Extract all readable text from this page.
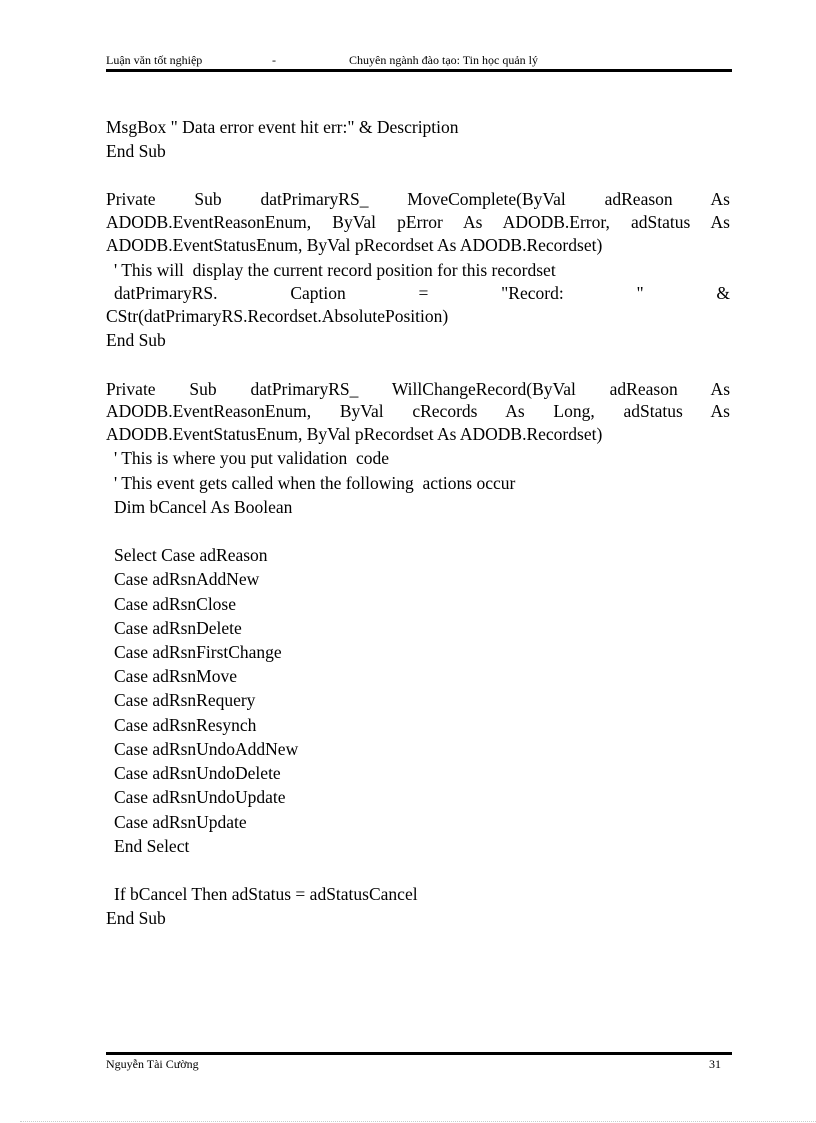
Luận văn tốt nghiệp	-	Chuyên ngành đào tạo: Tin học quản lý
MsgBox " Data error event hit err:" & Description
End Sub
Private Sub datPrimaryRS_ MoveComplete(ByVal adReason As
ADODB.EventReasonEnum, ByVal pError As ADODB.Error, adStatus As
ADODB.EventStatusEnum, ByVal pRecordset As ADODB.Recordset)
' This will  display the current record position for this recordset
datPrimaryRS. Caption = "Record: " &
CStr(datPrimaryRS.Recordset.AbsolutePosition)
End Sub
Private Sub datPrimaryRS_ WillChangeRecord(ByVal adReason As
ADODB.EventReasonEnum, ByVal cRecords As Long, adStatus As
ADODB.EventStatusEnum, ByVal pRecordset As ADODB.Recordset)
' This is where you put validation  code
' This event gets called when the following  actions occur
Dim bCancel As Boolean
Select Case adReason
Case adRsnAddNew
Case adRsnClose
Case adRsnDelete
Case adRsnFirstChange
Case adRsnMove
Case adRsnRequery
Case adRsnResynch
Case adRsnUndoAddNew
Case adRsnUndoDelete
Case adRsnUndoUpdate
Case adRsnUpdate
End Select
If bCancel Then adStatus = adStatusCancel
End Sub
Nguyễn Tài Cường	31
